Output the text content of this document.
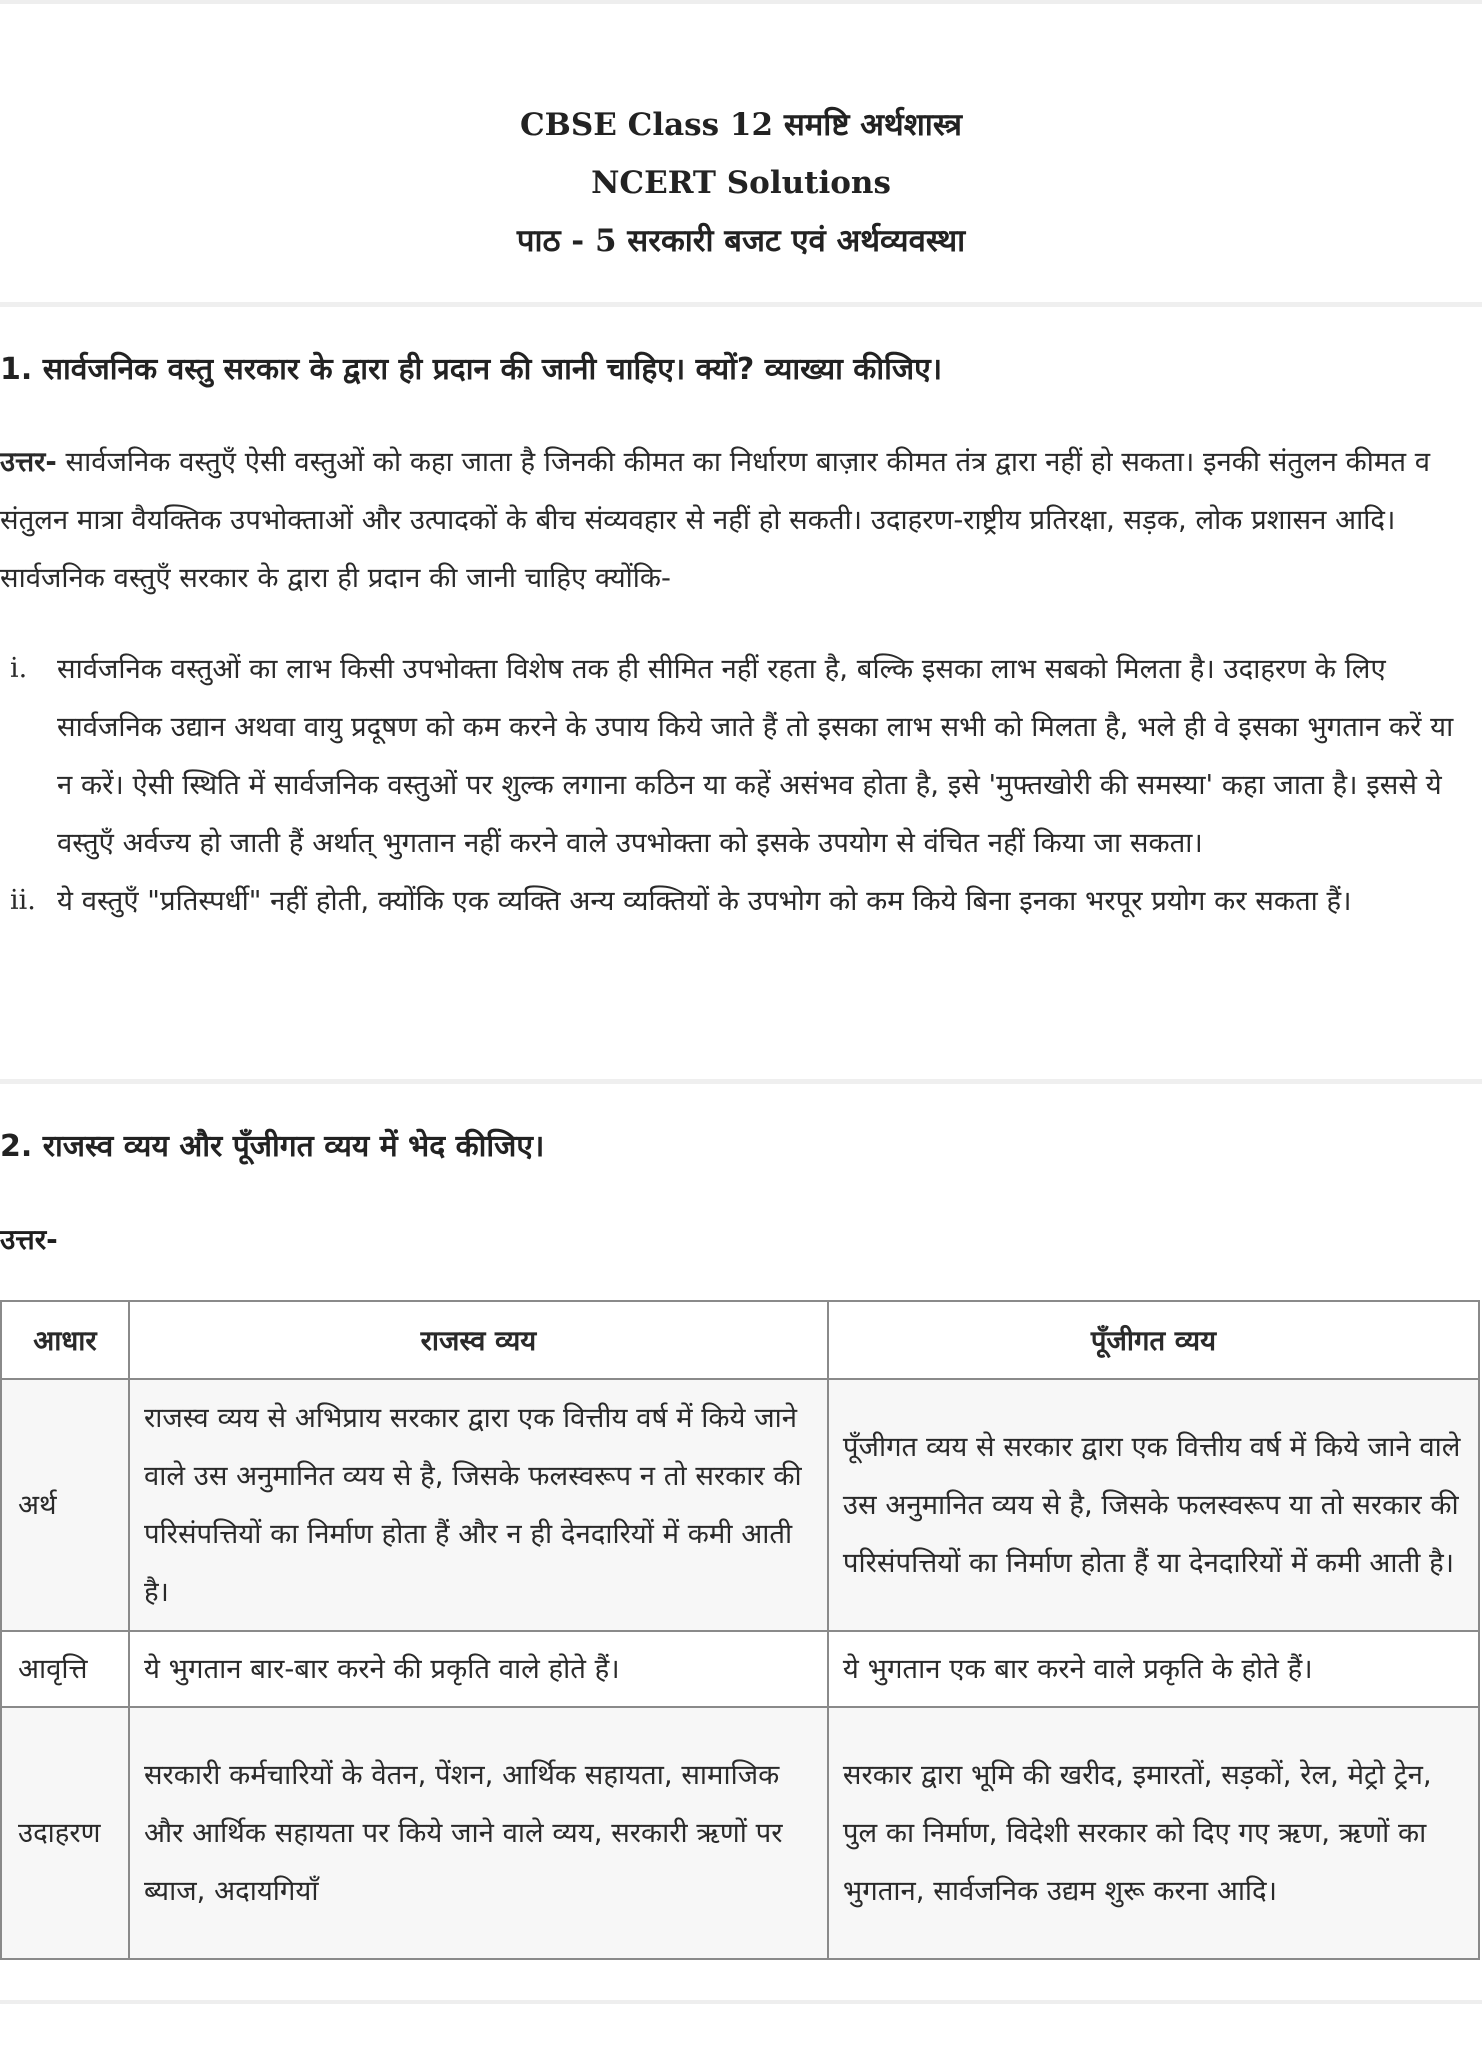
CBSE Class 12 समष्टि अर्थशास्त्र
NCERT Solutions
पाठ - 5 सरकारी बजट एवं अर्थव्यवस्था
1. सार्वजनिक वस्तु सरकार के द्वारा ही प्रदान की जानी चाहिए। क्यों? व्याख्या कीजिए।
उत्तर- सार्वजनिक वस्तुएँ ऐसी वस्तुओं को कहा जाता है जिनकी कीमत का निर्धारण बाज़ार कीमत तंत्र द्वारा नहीं हो सकता। इनकी संतुलन कीमत व संतुलन मात्रा वैयक्तिक उपभोक्ताओं और उत्पादकों के बीच संव्यवहार से नहीं हो सकती। उदाहरण-राष्ट्रीय प्रतिरक्षा, सड़क, लोक प्रशासन आदि। सार्वजनिक वस्तुएँ सरकार के द्वारा ही प्रदान की जानी चाहिए क्योंकि-
i. सार्वजनिक वस्तुओं का लाभ किसी उपभोक्ता विशेष तक ही सीमित नहीं रहता है, बल्कि इसका लाभ सबको मिलता है। उदाहरण के लिए सार्वजनिक उद्यान अथवा वायु प्रदूषण को कम करने के उपाय किये जाते हैं तो इसका लाभ सभी को मिलता है, भले ही वे इसका भुगतान करें या न करें। ऐसी स्थिति में सार्वजनिक वस्तुओं पर शुल्क लगाना कठिन या कहें असंभव होता है, इसे 'मुफ्तखोरी की समस्या' कहा जाता है। इससे ये वस्तुएँ अर्वज्य हो जाती हैं अर्थात् भुगतान नहीं करने वाले उपभोक्ता को इसके उपयोग से वंचित नहीं किया जा सकता।
ii. ये वस्तुएँ "प्रतिस्पर्धी" नहीं होती, क्योंकि एक व्यक्ति अन्य व्यक्तियों के उपभोग को कम किये बिना इनका भरपूर प्रयोग कर सकता हैं।
2. राजस्व व्यय और पूँजीगत व्यय में भेद कीजिए।
उत्तर-
आधार	राजस्व व्यय	पूँजीगत व्यय
अर्थ	राजस्व व्यय से अभिप्राय सरकार द्वारा एक वित्तीय वर्ष में किये जाने वाले उस अनुमानित व्यय से है, जिसके फलस्वरूप न तो सरकार की परिसंपत्तियों का निर्माण होता हैं और न ही देनदारियों में कमी आती है।	पूँजीगत व्यय से सरकार द्वारा एक वित्तीय वर्ष में किये जाने वाले उस अनुमानित व्यय से है, जिसके फलस्वरूप या तो सरकार की परिसंपत्तियों का निर्माण होता हैं या देनदारियों में कमी आती है।
आवृत्ति	ये भुगतान बार-बार करने की प्रकृति वाले होते हैं।	ये भुगतान एक बार करने वाले प्रकृति के होते हैं।
उदाहरण	सरकारी कर्मचारियों के वेतन, पेंशन, आर्थिक सहायता, सामाजिक और आर्थिक सहायता पर किये जाने वाले व्यय, सरकारी ऋणों पर ब्याज, अदायगियाँ	सरकार द्वारा भूमि की खरीद, इमारतों, सड़कों, रेल, मेट्रो ट्रेन, पुल का निर्माण, विदेशी सरकार को दिए गए ऋण, ऋणों का भुगतान, सार्वजनिक उद्यम शुरू करना आदि।
